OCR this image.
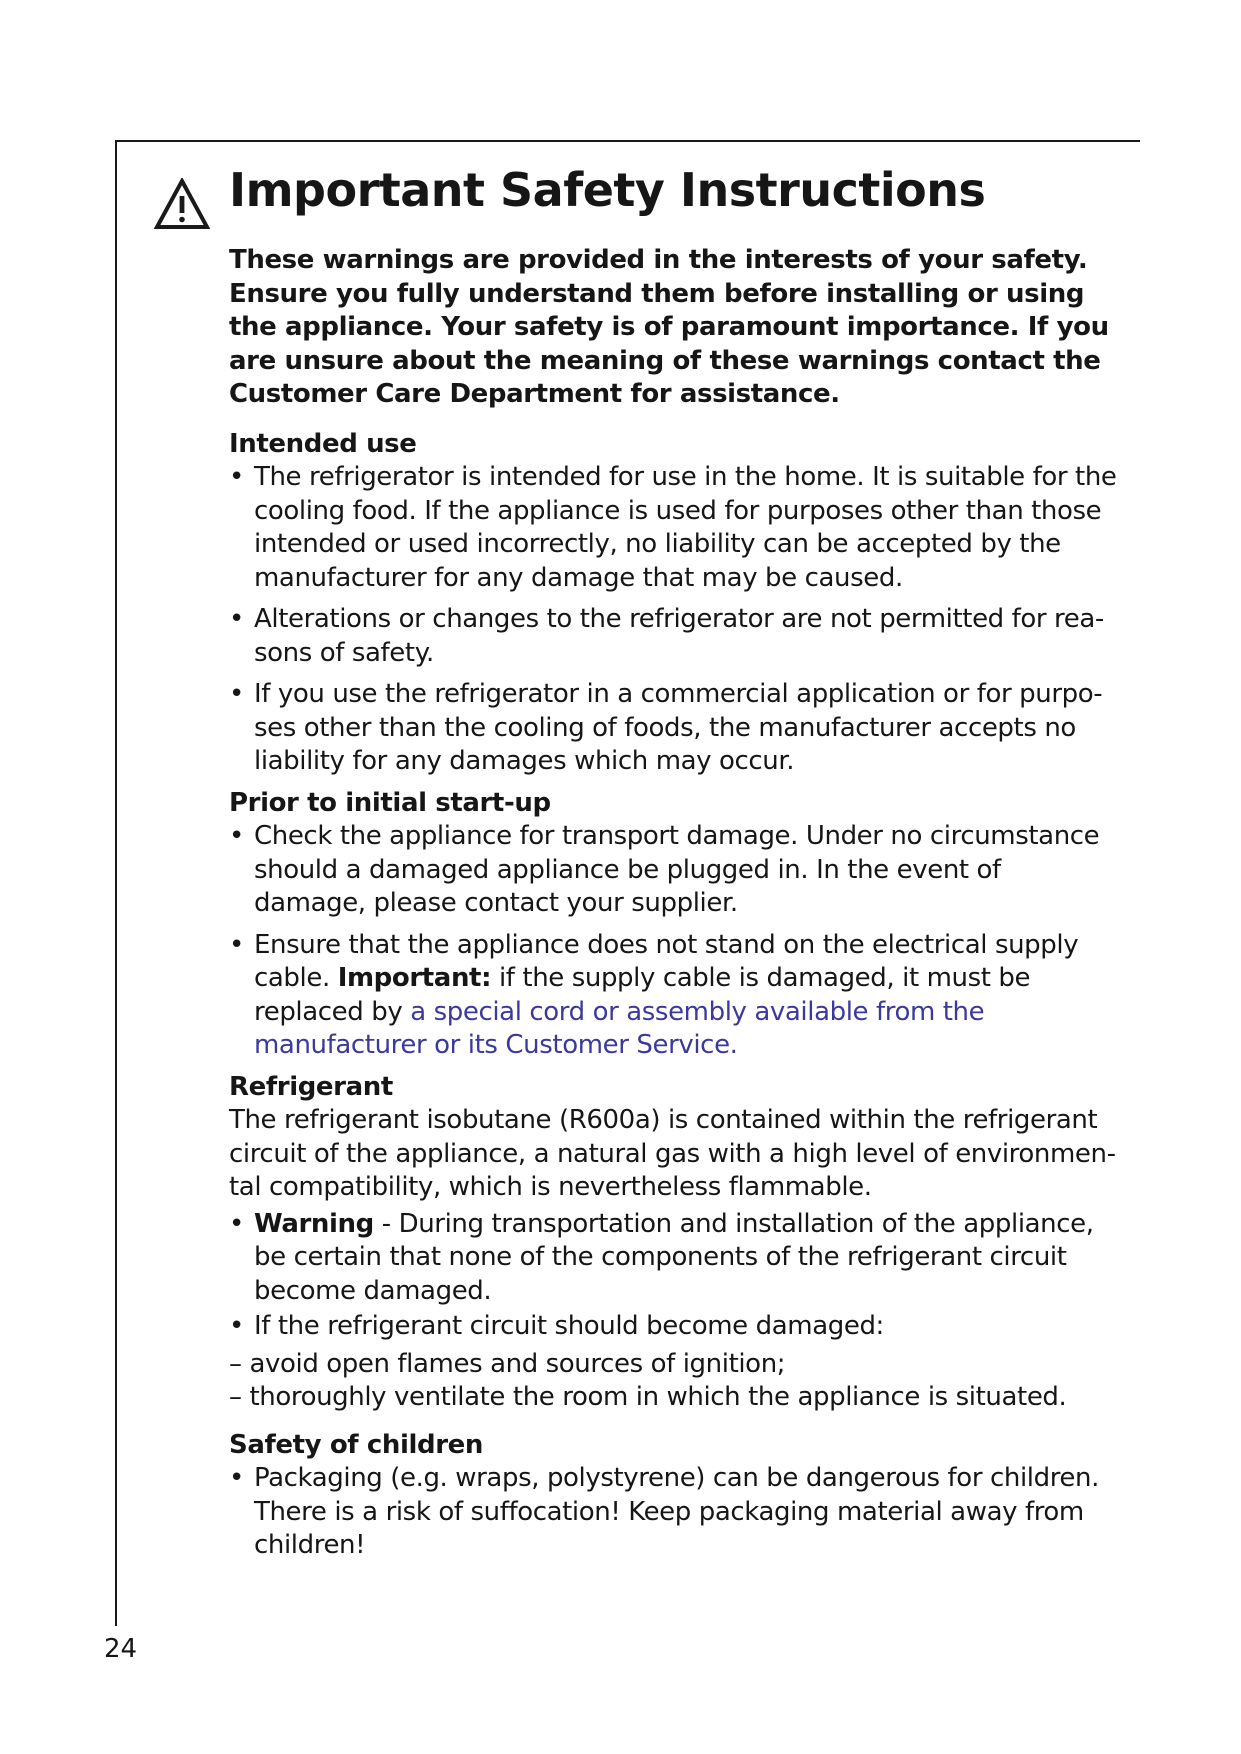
Important Safety Instructions

These warnings are provided in the interests of your safety. Ensure you fully understand them before installing or using the appliance. Your safety is of paramount importance. If you are unsure about the meaning of these warnings contact the Customer Care Department for assistance.

Intended use

• The refrigerator is intended for use in the home. It is suitable for the cooling food. If the appliance is used for purposes other than those intended or used incorrectly, no liability can be accepted by the manufacturer for any damage that may be caused.
• Alterations or changes to the refrigerator are not permitted for reasons of safety.
• If you use the refrigerator in a commercial application or for purposes other than the cooling of foods, the manufacturer accepts no liability for any damages which may occur.

Prior to initial start-up

• Check the appliance for transport damage. Under no circumstance should a damaged appliance be plugged in. In the event of damage, please contact your supplier.
• Ensure that the appliance does not stand on the electrical supply cable. Important: if the supply cable is damaged, it must be replaced by a special cord or assembly available from the manufacturer or its Customer Service.

Refrigerant

The refrigerant isobutane (R600a) is contained within the refrigerant circuit of the appliance, a natural gas with a high level of environmental compatibility, which is nevertheless flammable.

• Warning - During transportation and installation of the appliance, be certain that none of the components of the refrigerant circuit become damaged.
• If the refrigerant circuit should become damaged:

– avoid open flames and sources of ignition;

– thoroughly ventilate the room in which the appliance is situated.

Safety of children

• Packaging (e.g. wraps, polystyrene) can be dangerous for children. There is a risk of suffocation! Keep packaging material away from children!
24
